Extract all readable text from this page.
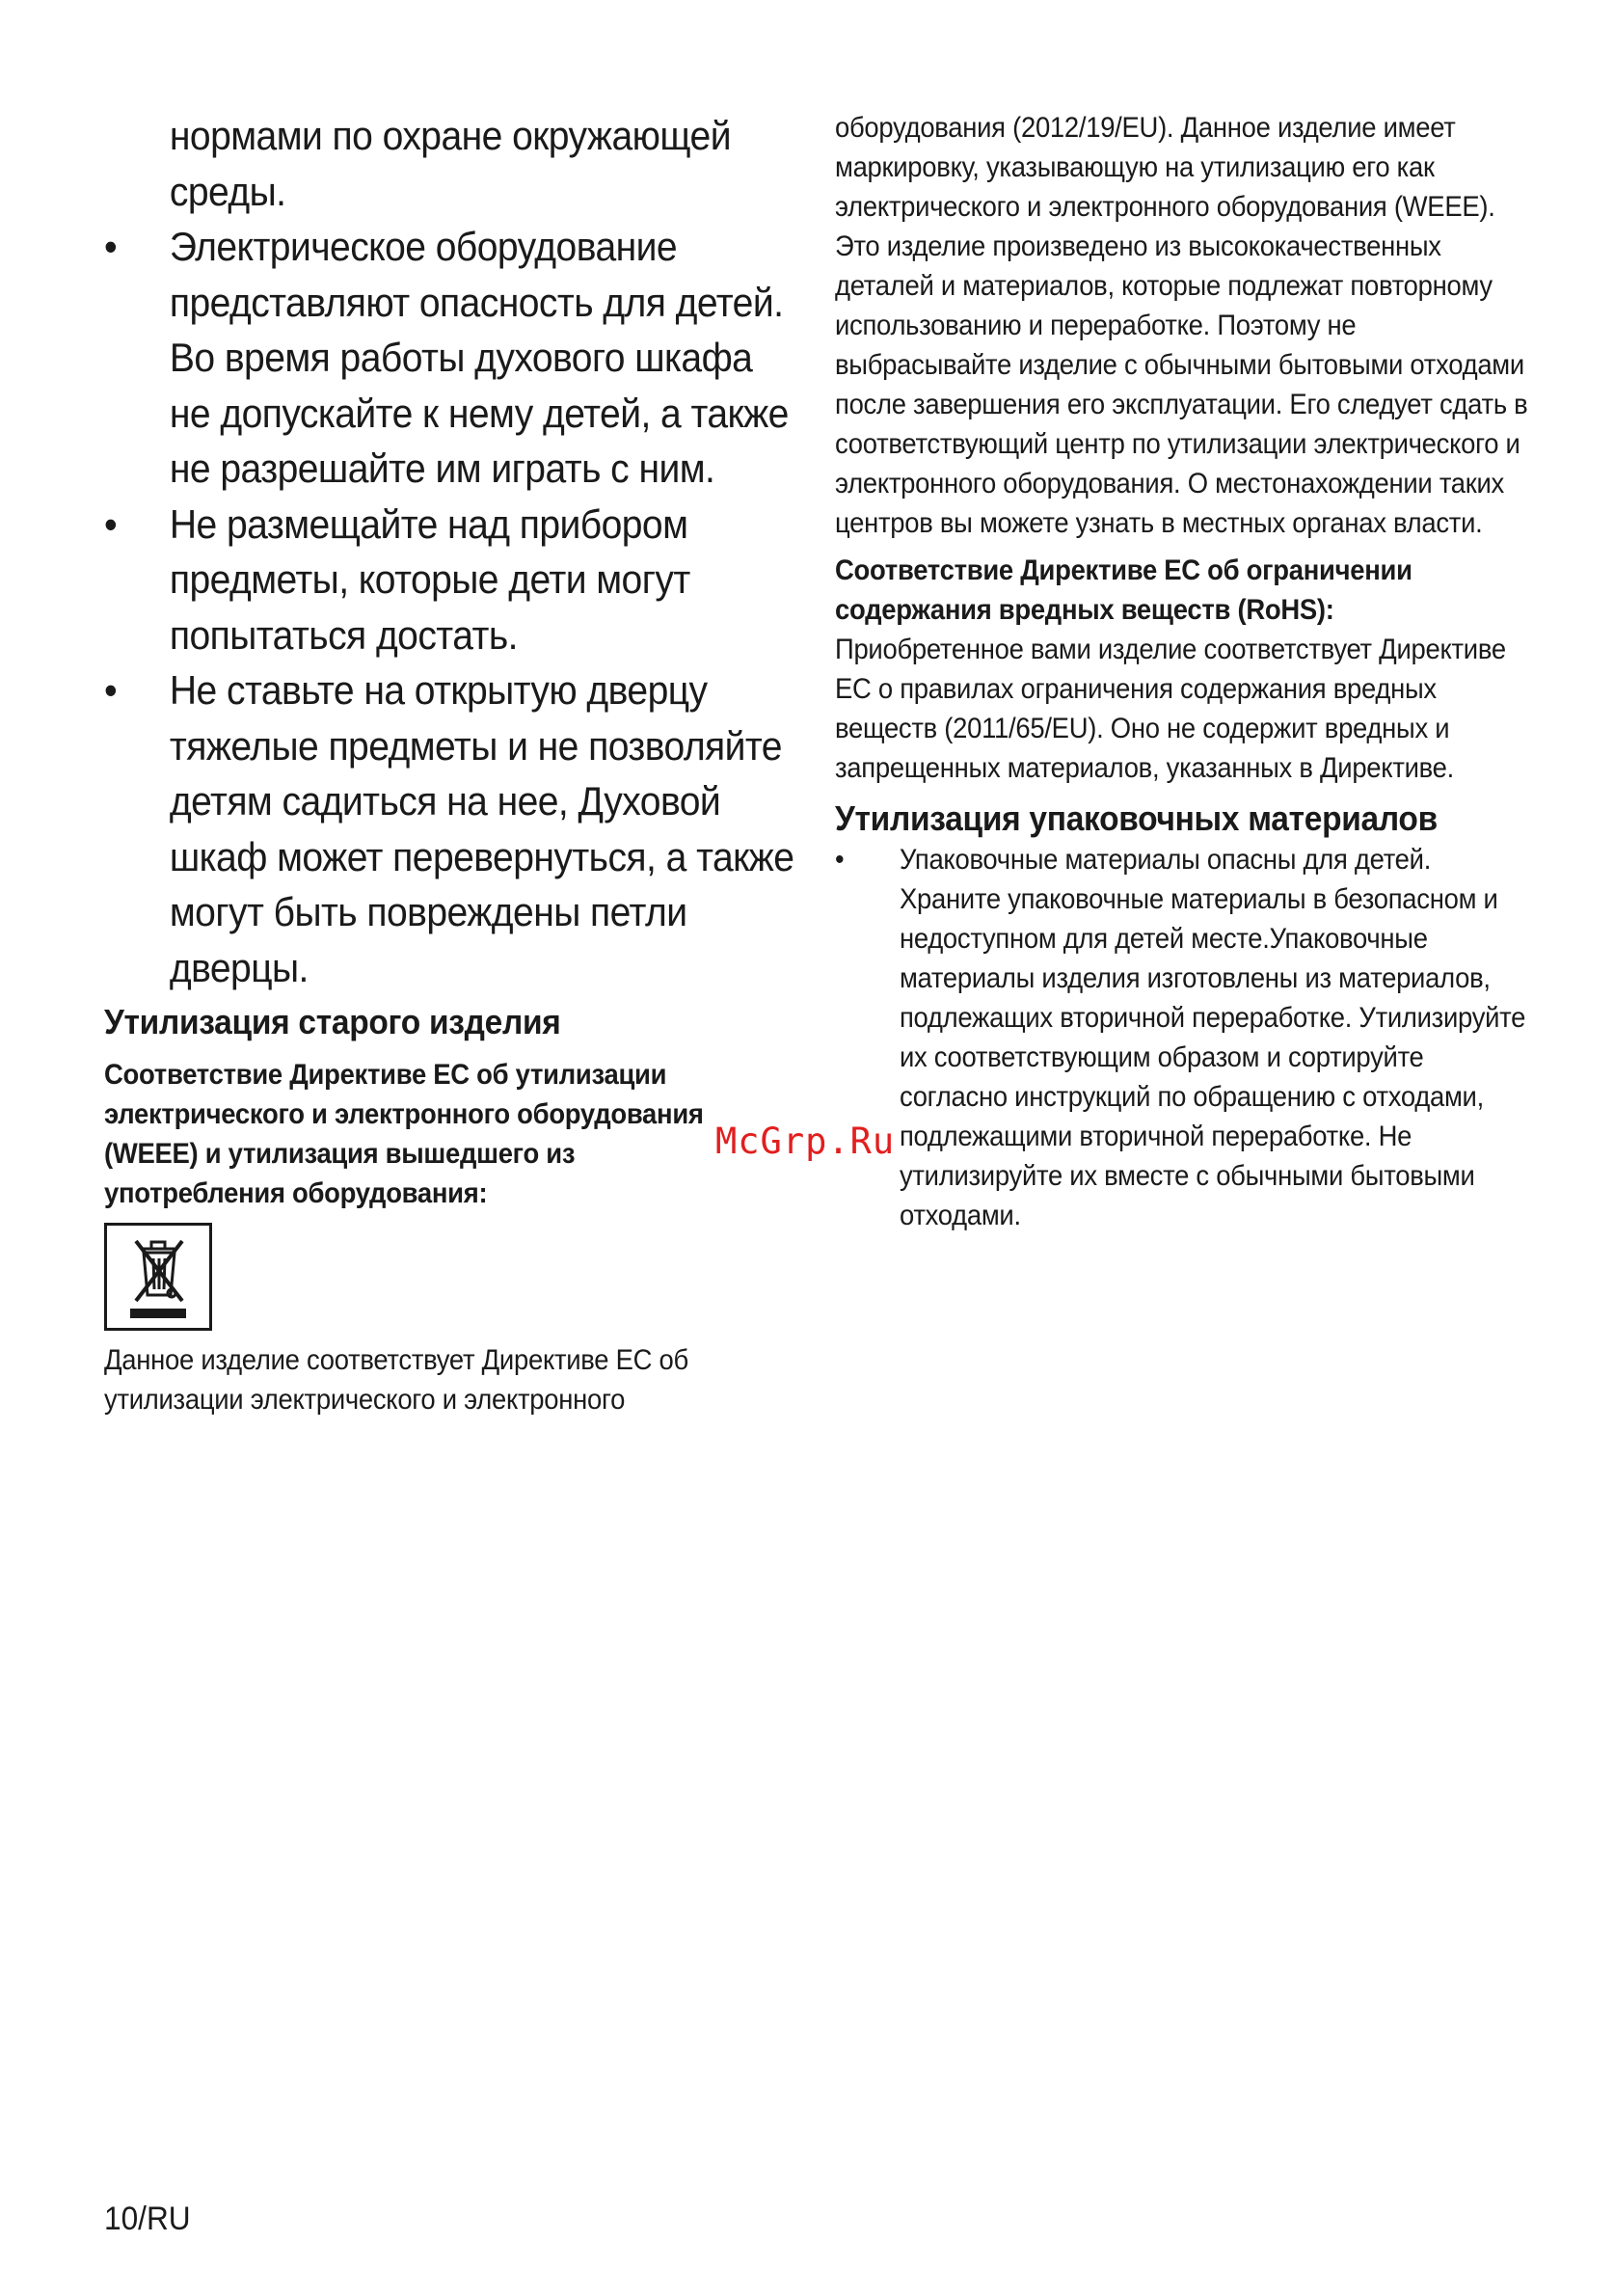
нормами по охране окружающей среды.
• Электрическое оборудование представляют опасность для детей. Во время работы духового шкафа не допускайте к нему детей, а также не разрешайте им играть с ним.
• Не размещайте над прибором предметы, которые дети могут попытаться достать.
• Не ставьте на открытую дверцу тяжелые предметы и не позволяйте детям садиться на нее, Духовой шкаф может перевернуться, а также могут быть повреждены петли дверцы.
Утилизация старого изделия
Соответствие Директиве ЕС об утилизации электрического и электронного оборудования (WEEE) и утилизация вышедшего из употребления оборудования:
Данное изделие соответствует Директиве ЕС об утилизации электрического и электронного
оборудования (2012/19/EU). Данное изделие имеет маркировку, указывающую на утилизацию его как электрического и электронного оборудования (WEEE).
Это изделие произведено из высококачественных деталей и материалов, которые подлежат повторному использованию и переработке. Поэтому не выбрасывайте изделие с обычными бытовыми отходами после завершения его эксплуатации. Его следует сдать в соответствующий центр по утилизации электрического и электронного оборудования. О местонахождении таких центров вы можете узнать в местных органах власти.
Соответствие Директиве ЕС об ограничении содержания вредных веществ (RoHS):
Приобретенное вами изделие соответствует Директиве ЕС о правилах ограничения содержания вредных веществ (2011/65/EU). Оно не содержит вредных и запрещенных материалов, указанных в Директиве.
Утилизация упаковочных материалов
• Упаковочные материалы опасны для детей. Храните упаковочные материалы в безопасном и недоступном для детей месте.Упаковочные материалы изделия изготовлены из материалов, подлежащих вторичной переработке. Утилизируйте их соответствующим образом и сортируйте согласно инструкций по обращению с отходами, подлежащими вторичной переработке. Не утилизируйте их вместе с обычными бытовыми отходами.
McGrp.Ru
10/RU
